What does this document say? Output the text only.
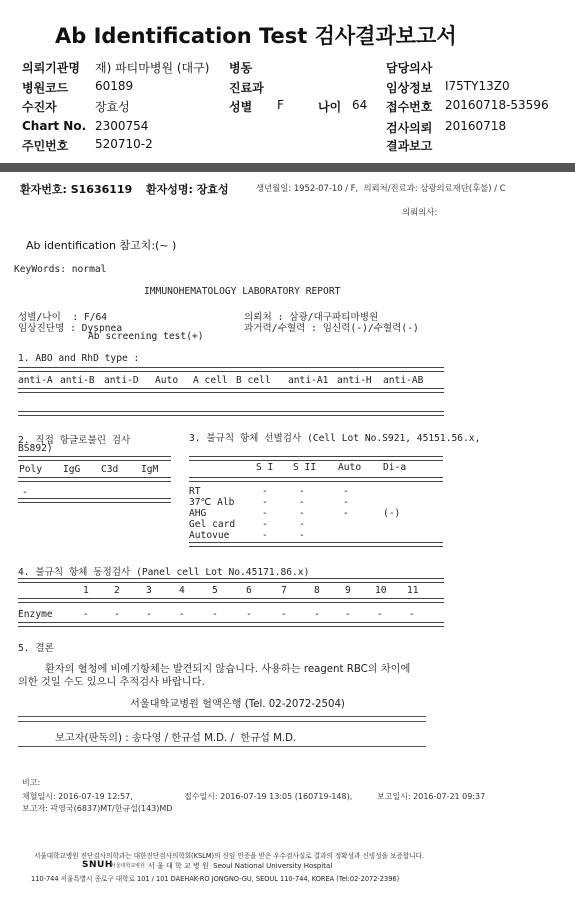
Ab Identification Test 검사결과보고서
의뢰기관명 재) 파티마병원 (대구) 병동	담당의사
병원코드 60189	진료과	임상정보 I75TY13Z0
수진자	장효성	성별 F	나이 64 접수번호 20160718-53596
Chart No. 2300754	검사의뢰 20160718
주민번호 520710-2	결과보고
환자번호: S1636119 환자성명: 장효성	생년월일: 1952-07-10 / F,  의뢰처/진료과: 삼광의료재단(후불) / C
의뢰의사:
Ab identification 참고치:(~ )
KeyWords: normal
IMMUNOHEMATOLOGY LABORATORY REPORT
성별/나이  : F/64
임상진단명 : Dyspnea
Ab screening test(+)
의뢰처 : 삼광/대구파티마병원
과거력/수혈력 : 임신력(-)/수혈력(-)
1. ABO and RhD type :
anti-A anti-B anti-D Auto A cell B cell anti-A1 anti-H anti-AB
2. 직접 항글로불린 검사
Poly IgG C3d IgM
-
3. 불규칙 항체 선별검사 (Cell Lot No.S921, 45151.56.x,
BS892)
S I S II Auto Di-a
RT	-	-	-
37℃ Alb	-	-	-
AHG	-	-	-	(-)
Gel card	-	-
Autovue	-	-
4. 불규칙 항체 동정검사 (Panel cell Lot No.45171.86.x)
1	2	3	4	5	6	7	8	9	10 11
Enzyme	-	-	-	-	-	-	-	-	-	-	-
5. 결론
환자의 혈청에 비예기항체는 발견되지 않습니다. 사용하는 reagent RBC의 차이에
의한 것일 수도 있으니 추적검사 바랍니다.
서울대학교병원 혈액은행 (Tel. 02-2072-2504)
보고자(판독의) : 송다영 / 한규섭 M.D. /  한규섭 M.D.
비고:
채혈일시: 2016-07-19 12:57,	접수일시: 2016-07-19 13:05 (160719-148),	보고일시: 2016-07-21 09:37
보고자: 곽영국(6837)MT/한규섭(143)MD
서울대학교병원 진단검사의학과는 대한진단검사의학회(KSLM)의 신임 인증을 받은 우수검사실로 결과의 정확성과 신빙성을 보증합니다.
SNUH
서울대학교병원 서 울 대 학 교 병 원  Seoul National University Hospital
110-744 서울특별시 종로구 대학로 101 / 101 DAEHAK-RO JONGNO-GU, SEOUL 110-744, KOREA (Tel:02-2072-2396)
